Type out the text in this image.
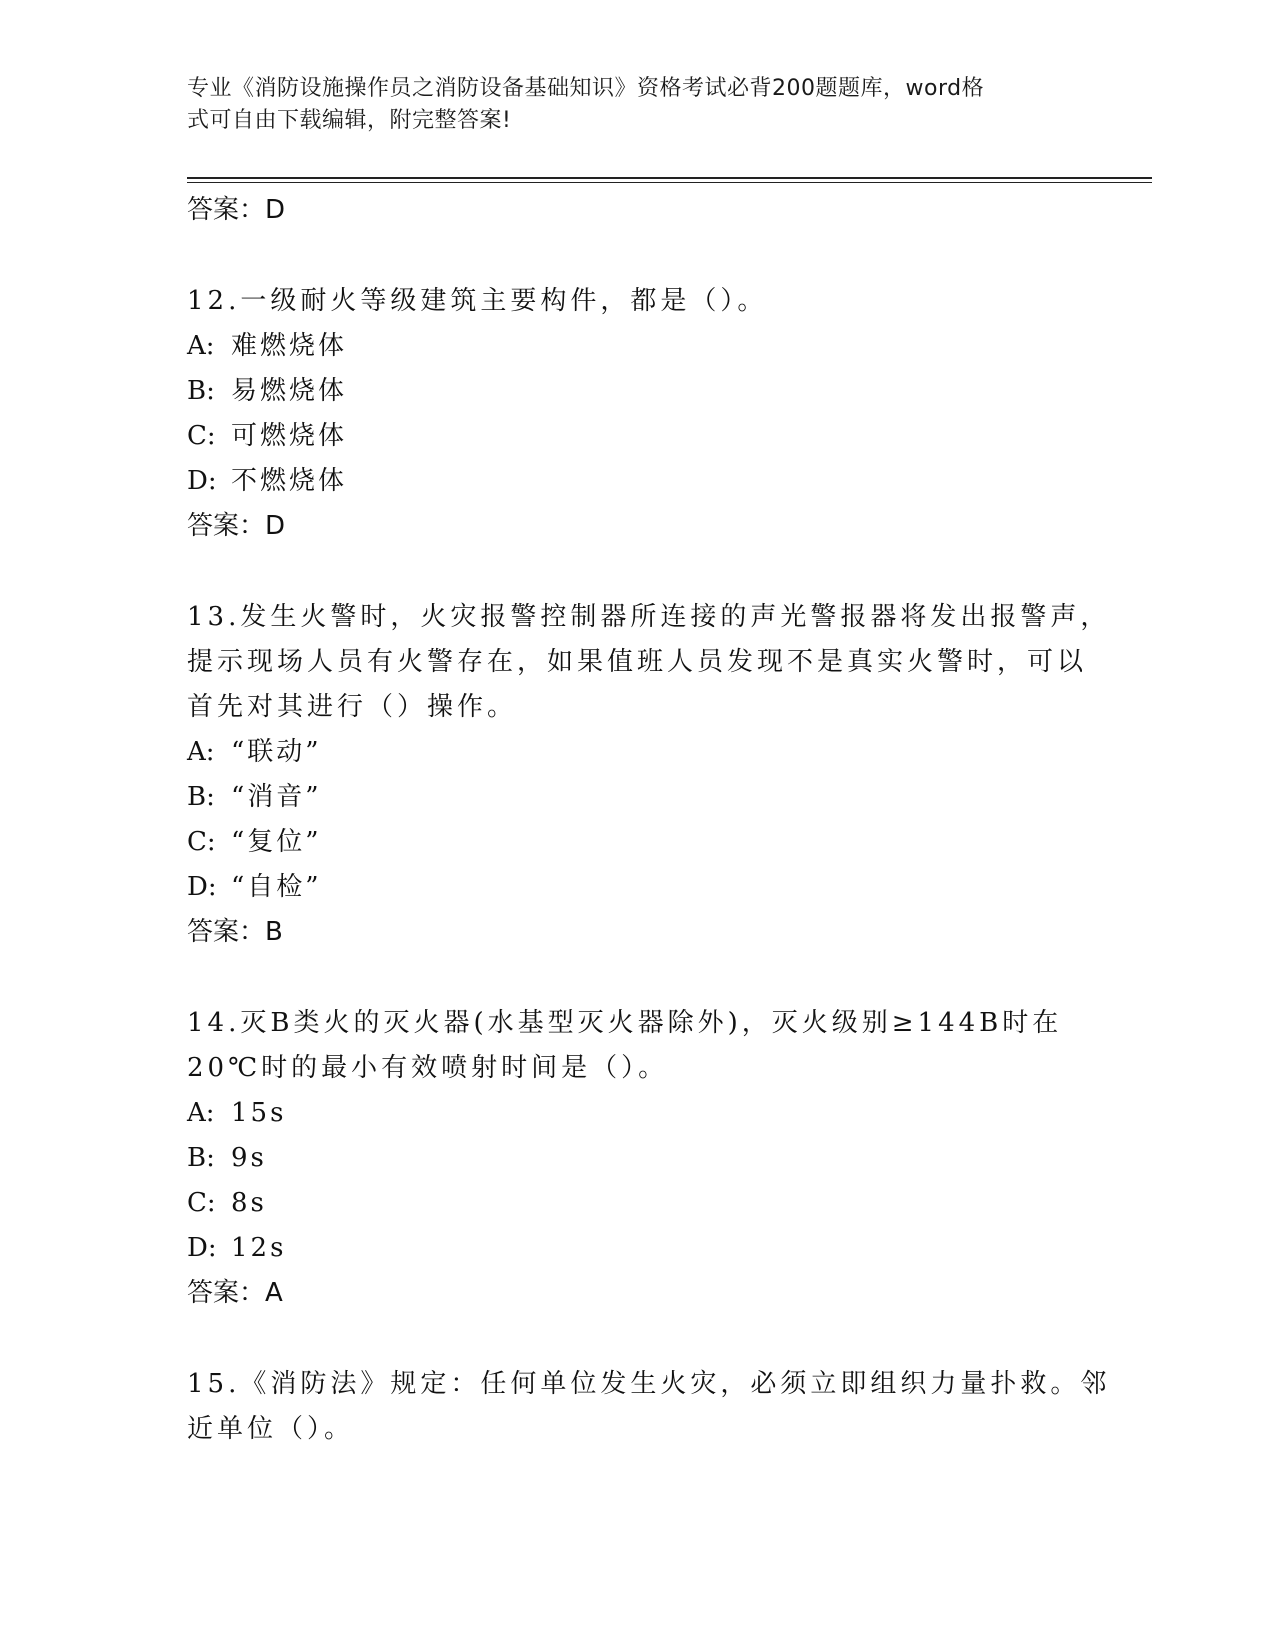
专业《消防设施操作员之消防设备基础知识》资格考试必背200题题库，word格
式可自由下载编辑，附完整答案!
答案：D
12.一级耐火等级建筑主要构件，都是（）。
A: 难燃烧体
B: 易燃烧体
C: 可燃烧体
D: 不燃烧体
答案：D
13.发生火警时，火灾报警控制器所连接的声光警报器将发出报警声，
提示现场人员有火警存在，如果值班人员发现不是真实火警时，可以
首先对其进行（）操作。
A: “联动”
B: “消音”
C: “复位”
D: “自检”
答案：B
14.灭B类火的灭火器(水基型灭火器除外)，灭火级别≥144B时在
20℃时的最小有效喷射时间是（）。
A: 15s
B: 9s
C: 8s
D: 12s
答案：A
15.《消防法》规定：任何单位发生火灾，必须立即组织力量扑救。邻
近单位（）。
